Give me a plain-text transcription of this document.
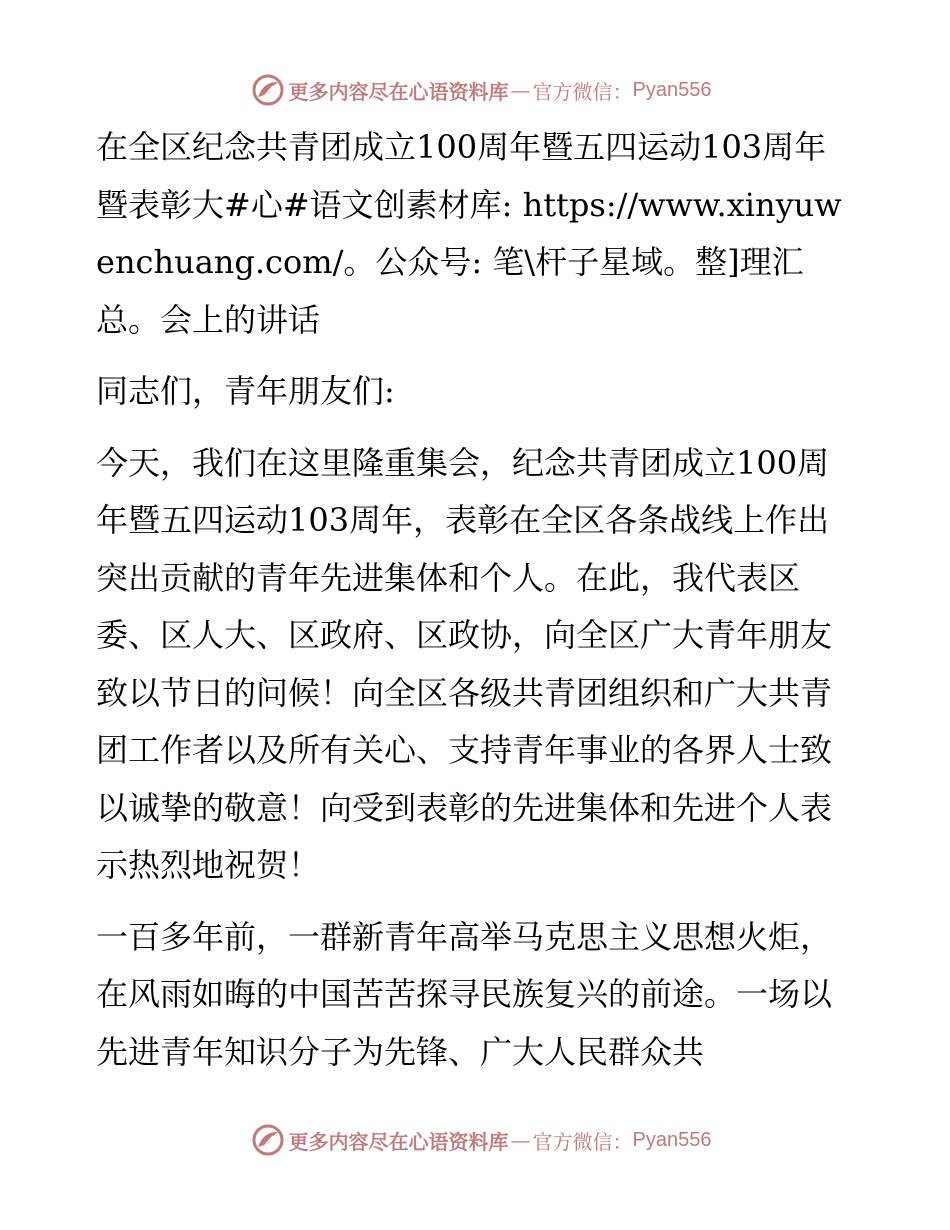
更多内容尽在心语资料库 — 官方微信： Pyan556

在全区纪念共青团成立100周年暨五四运动103周年暨表彰大#心#语文创素材库: https://www.xinyuwenchuang.com/。公众号: 笔\杆子星域。整]理汇总。会上的讲话

同志们，青年朋友们:

今天，我们在这里隆重集会，纪念共青团成立100周年暨五四运动103周年，表彰在全区各条战线上作出突出贡献的青年先进集体和个人。在此，我代表区委、区人大、区政府、区政协，向全区广大青年朋友致以节日的问候！向全区各级共青团组织和广大共青团工作者以及所有关心、支持青年事业的各界人士致以诚挚的敬意！向受到表彰的先进集体和先进个人表示热烈地祝贺！

一百多年前，一群新青年高举马克思主义思想火炬，在风雨如晦的中国苦苦探寻民族复兴的前途。一场以先进青年知识分子为先锋、广大人民群众共

更多内容尽在心语资料库 — 官方微信： Pyan556
